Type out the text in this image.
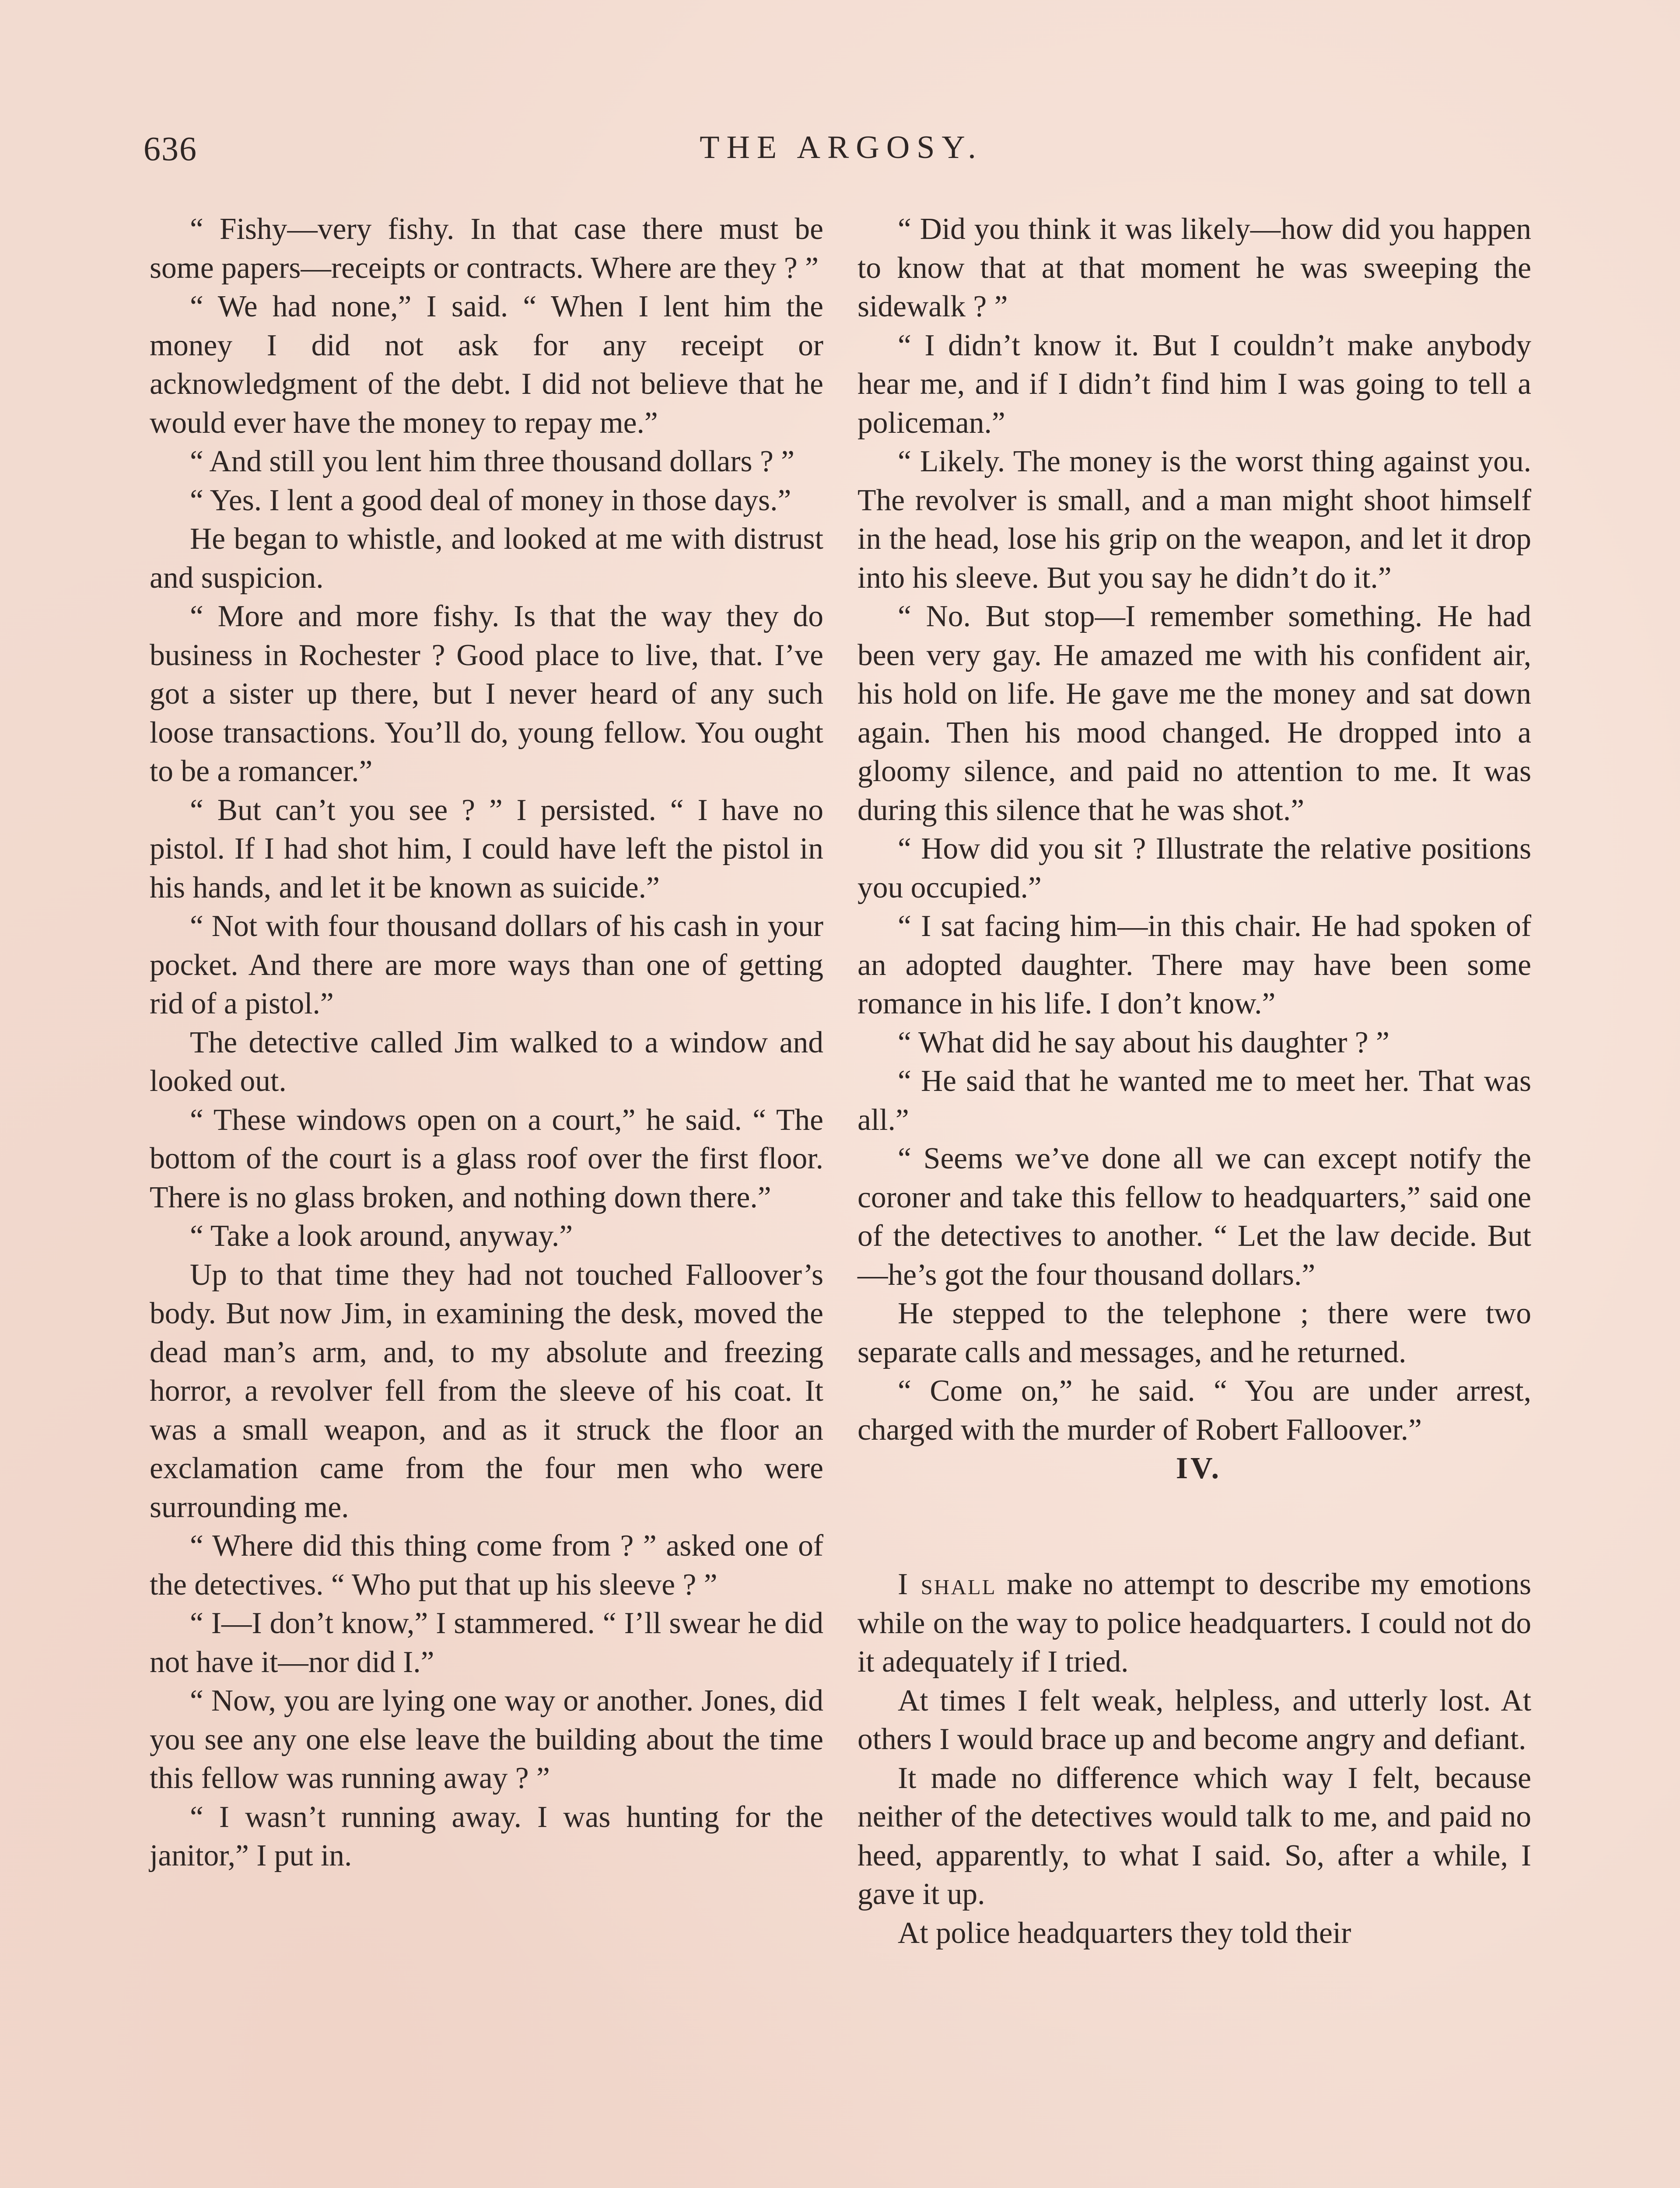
636	THE ARGOSY.

“ Fishy—very fishy. In that case there must be some papers—receipts or contracts. Where are they ? ”

“ We had none,” I said. “ When I lent him the money I did not ask for any receipt or acknowledgment of the debt. I did not believe that he would ever have the money to repay me.”

“ And still you lent him three thousand dollars ? ”

“ Yes. I lent a good deal of money in those days.”

He began to whistle, and looked at me with distrust and suspicion.

“ More and more fishy. Is that the way they do business in Rochester ? Good place to live, that. I’ve got a sister up there, but I never heard of any such loose transactions. You’ll do, young fellow. You ought to be a romancer.”

“ But can’t you see ? ” I persisted. “ I have no pistol. If I had shot him, I could have left the pistol in his hands, and let it be known as suicide.”

“ Not with four thousand dollars of his cash in your pocket. And there are more ways than one of getting rid of a pistol.”

The detective called Jim walked to a window and looked out.

“ These windows open on a court,” he said. “ The bottom of the court is a glass roof over the first floor. There is no glass broken, and nothing down there.”

“ Take a look around, anyway.”

Up to that time they had not touched Falloover’s body. But now Jim, in examining the desk, moved the dead man’s arm, and, to my absolute and freezing horror, a revolver fell from the sleeve of his coat. It was a small weapon, and as it struck the floor an exclamation came from the four men who were surrounding me.

“ Where did this thing come from ? ” asked one of the detectives. “ Who put that up his sleeve ? ”

“ I—I don’t know,” I stammered. “ I’ll swear he did not have it—nor did I.”

“ Now, you are lying one way or another. Jones, did you see any one else leave the building about the time this fellow was running away ? ”

“ I wasn’t running away. I was hunting for the janitor,” I put in.

“ Did you think it was likely—how did you happen to know that at that moment he was sweeping the sidewalk ? ”

“ I didn’t know it. But I couldn’t make anybody hear me, and if I didn’t find him I was going to tell a policeman.”

“ Likely. The money is the worst thing against you. The revolver is small, and a man might shoot himself in the head, lose his grip on the weapon, and let it drop into his sleeve. But you say he didn’t do it.”

“ No. But stop—I remember something. He had been very gay. He amazed me with his confident air, his hold on life. He gave me the money and sat down again. Then his mood changed. He dropped into a gloomy silence, and paid no attention to me. It was during this silence that he was shot.”

“ How did you sit ? Illustrate the relative positions you occupied.”

“ I sat facing him—in this chair. He had spoken of an adopted daughter. There may have been some romance in his life. I don’t know.”

“ What did he say about his daughter ? ”

“ He said that he wanted me to meet her. That was all.”

“ Seems we’ve done all we can except notify the coroner and take this fellow to headquarters,” said one of the detectives to another. “ Let the law decide. But—he’s got the four thousand dollars.”

He stepped to the telephone ; there were two separate calls and messages, and he returned.

“ Come on,” he said. “ You are under arrest, charged with the murder of Robert Falloover.”

IV.

I shall make no attempt to describe my emotions while on the way to police headquarters. I could not do it adequately if I tried.

At times I felt weak, helpless, and utterly lost. At others I would brace up and become angry and defiant.

It made no difference which way I felt, because neither of the detectives would talk to me, and paid no heed, apparently, to what I said. So, after a while, I gave it up.

At police headquarters they told their
